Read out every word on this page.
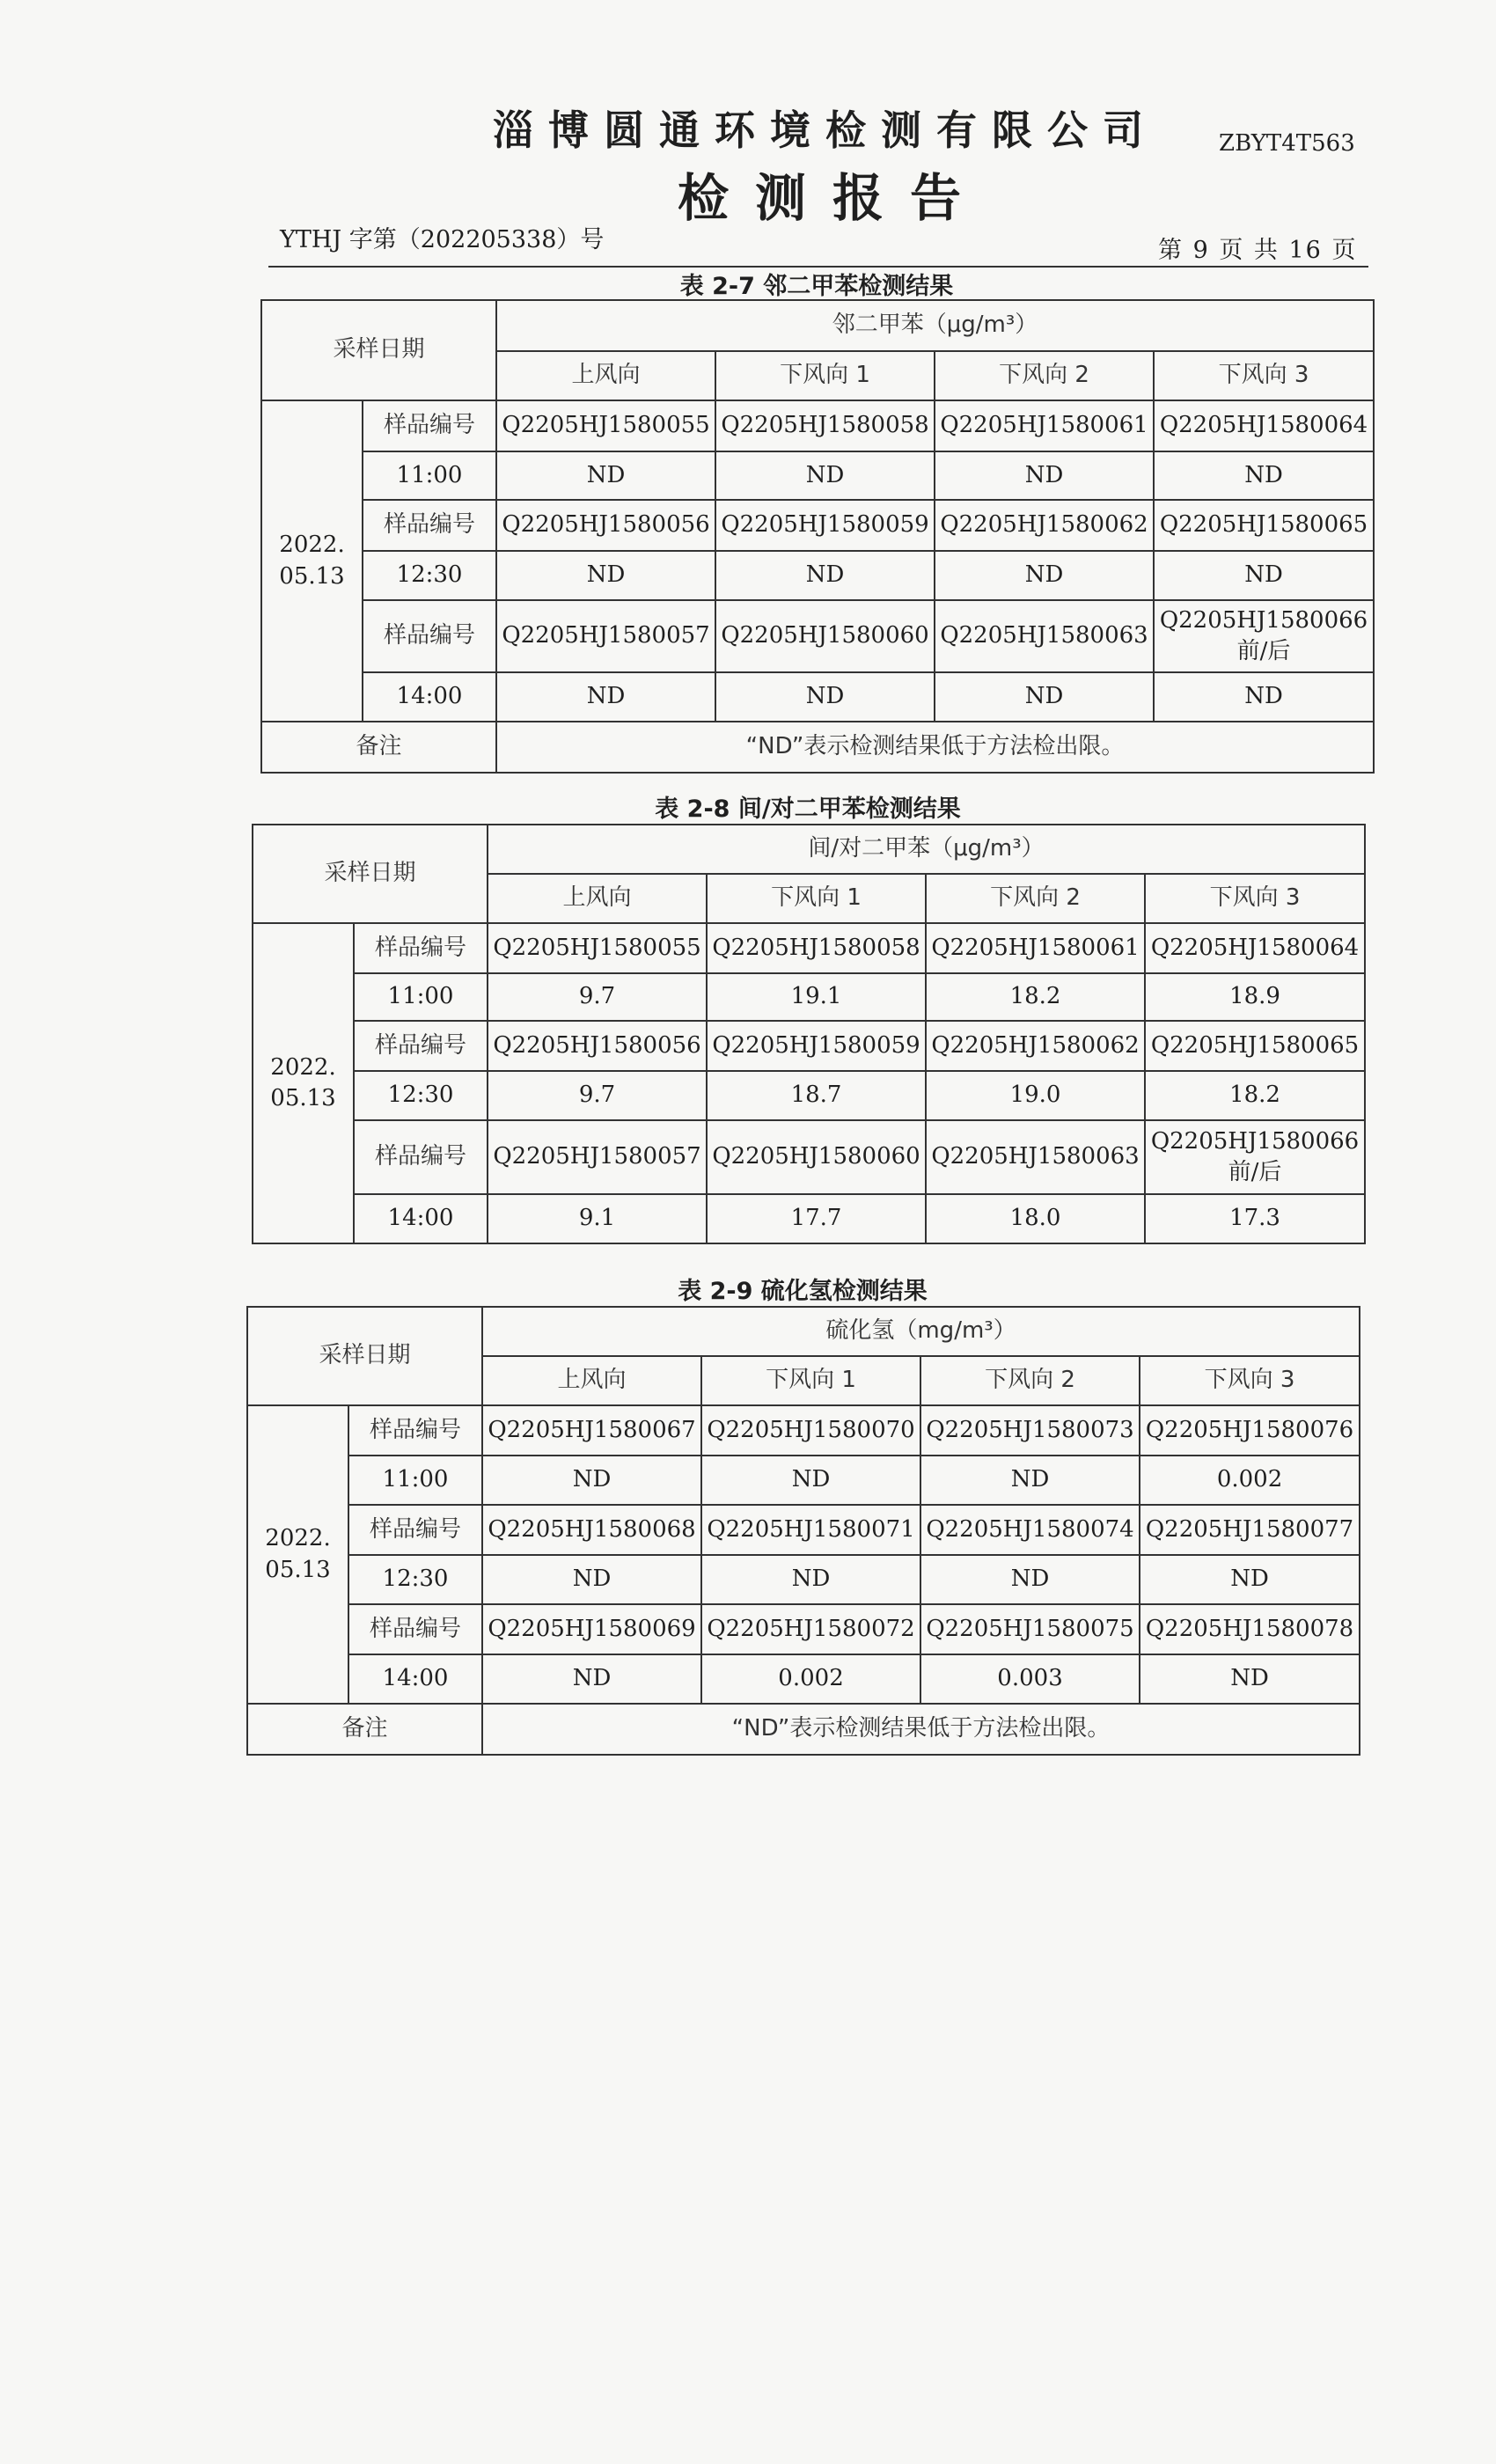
淄博圆通环境检测有限公司	ZBYT4T563
检测报告
YTHJ 字第（202205338）号	第 9 页 共 16 页
表 2-7 邻二甲苯检测结果
采样日期		邻二甲苯（μg/m³）			
		上风向	下风向 1	下风向 2	下风向 3
2022.
05.13	样品编号	Q2205HJ1580055	Q2205HJ1580058	Q2205HJ1580061	Q2205HJ1580064
	11:00	ND	ND	ND	ND
	样品编号	Q2205HJ1580056	Q2205HJ1580059	Q2205HJ1580062	Q2205HJ1580065
	12:30	ND	ND	ND	ND
	样品编号	Q2205HJ1580057	Q2205HJ1580060	Q2205HJ1580063	Q2205HJ1580066
前/后
	14:00	ND	ND	ND	ND
备注		“ND”表示检测结果低于方法检出限。			
表 2-8 间/对二甲苯检测结果
采样日期		间/对二甲苯（μg/m³）			
		上风向	下风向 1	下风向 2	下风向 3
2022.
05.13	样品编号	Q2205HJ1580055	Q2205HJ1580058	Q2205HJ1580061	Q2205HJ1580064
	11:00	9.7	19.1	18.2	18.9
	样品编号	Q2205HJ1580056	Q2205HJ1580059	Q2205HJ1580062	Q2205HJ1580065
	12:30	9.7	18.7	19.0	18.2
	样品编号	Q2205HJ1580057	Q2205HJ1580060	Q2205HJ1580063	Q2205HJ1580066
前/后
	14:00	9.1	17.7	18.0	17.3
表 2-9 硫化氢检测结果
采样日期		硫化氢（mg/m³）			
		上风向	下风向 1	下风向 2	下风向 3
2022.
05.13	样品编号	Q2205HJ1580067	Q2205HJ1580070	Q2205HJ1580073	Q2205HJ1580076
	11:00	ND	ND	ND	0.002
	样品编号	Q2205HJ1580068	Q2205HJ1580071	Q2205HJ1580074	Q2205HJ1580077
	12:30	ND	ND	ND	ND
	样品编号	Q2205HJ1580069	Q2205HJ1580072	Q2205HJ1580075	Q2205HJ1580078
	14:00	ND	0.002	0.003	ND
备注		“ND”表示检测结果低于方法检出限。			
